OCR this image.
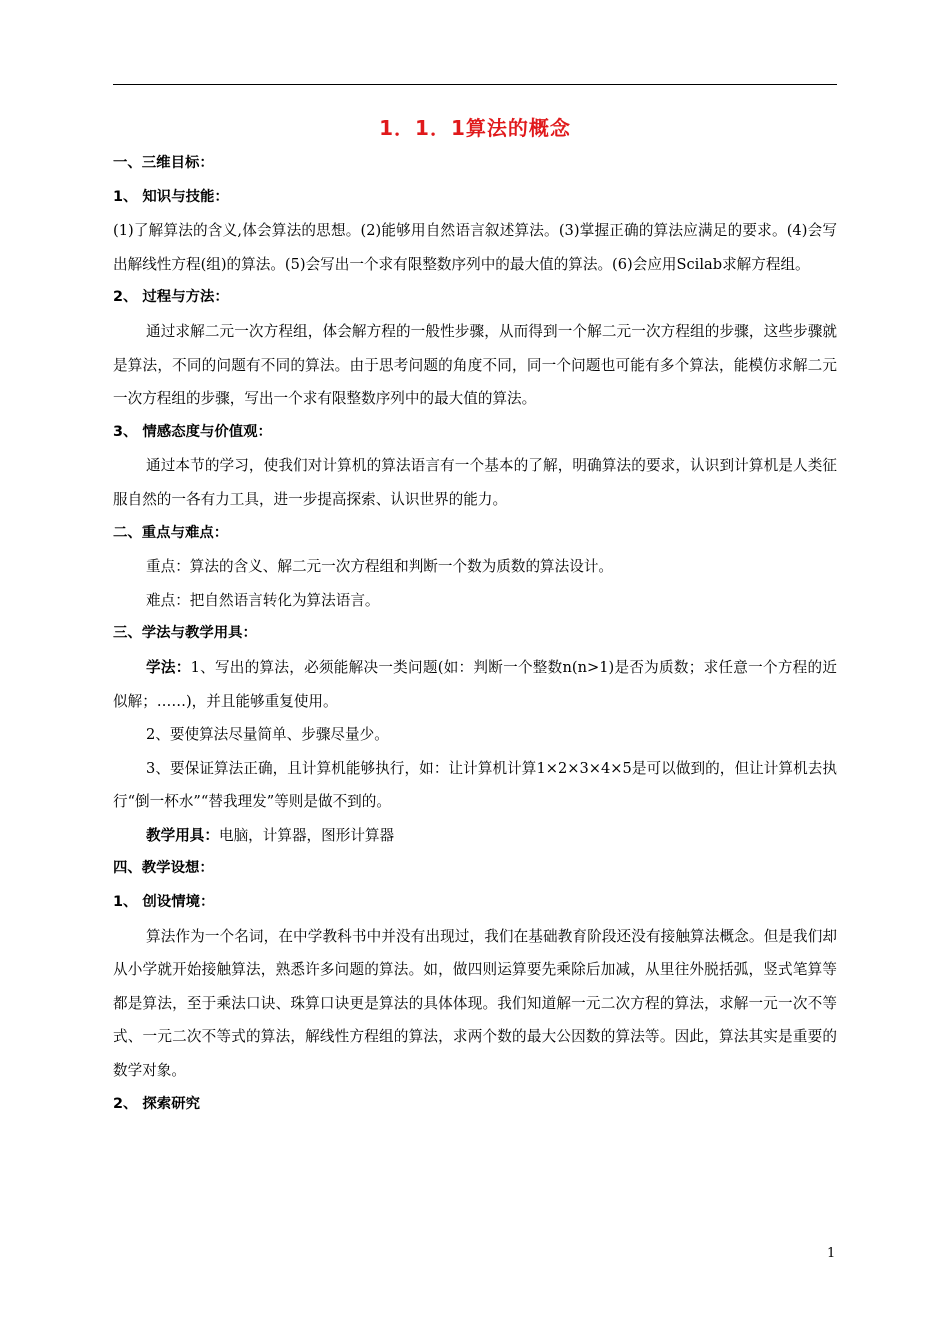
1．1．1算法的概念

一、三维目标：

1、 知识与技能：

(1)了解算法的含义,体会算法的思想。(2)能够用自然语言叙述算法。(3)掌握正确的算法应满足的要求。(4)会写出解线性方程(组)的算法。(5)会写出一个求有限整数序列中的最大值的算法。(6)会应用Scilab求解方程组。

2、 过程与方法：

通过求解二元一次方程组，体会解方程的一般性步骤，从而得到一个解二元一次方程组的步骤，这些步骤就是算法，不同的问题有不同的算法。由于思考问题的角度不同，同一个问题也可能有多个算法，能模仿求解二元一次方程组的步骤，写出一个求有限整数序列中的最大值的算法。

3、 情感态度与价值观：

通过本节的学习，使我们对计算机的算法语言有一个基本的了解，明确算法的要求，认识到计算机是人类征服自然的一各有力工具，进一步提高探索、认识世界的能力。

二、重点与难点：

重点：算法的含义、解二元一次方程组和判断一个数为质数的算法设计。

难点：把自然语言转化为算法语言。

三、学法与教学用具：

学法：1、写出的算法，必须能解决一类问题(如：判断一个整数n(n>1)是否为质数；求任意一个方程的近似解；……)，并且能够重复使用。

2、要使算法尽量简单、步骤尽量少。

3、要保证算法正确，且计算机能够执行，如：让计算机计算1×2×3×4×5是可以做到的，但让计算机去执行“倒一杯水”“替我理发”等则是做不到的。

教学用具：电脑，计算器，图形计算器

四、教学设想：

1、 创设情境：

算法作为一个名词，在中学教科书中并没有出现过，我们在基础教育阶段还没有接触算法概念。但是我们却从小学就开始接触算法，熟悉许多问题的算法。如，做四则运算要先乘除后加减，从里往外脱括弧，竖式笔算等都是算法，至于乘法口诀、珠算口诀更是算法的具体体现。我们知道解一元二次方程的算法，求解一元一次不等式、一元二次不等式的算法，解线性方程组的算法，求两个数的最大公因数的算法等。因此，算法其实是重要的数学对象。

2、 探索研究

1
